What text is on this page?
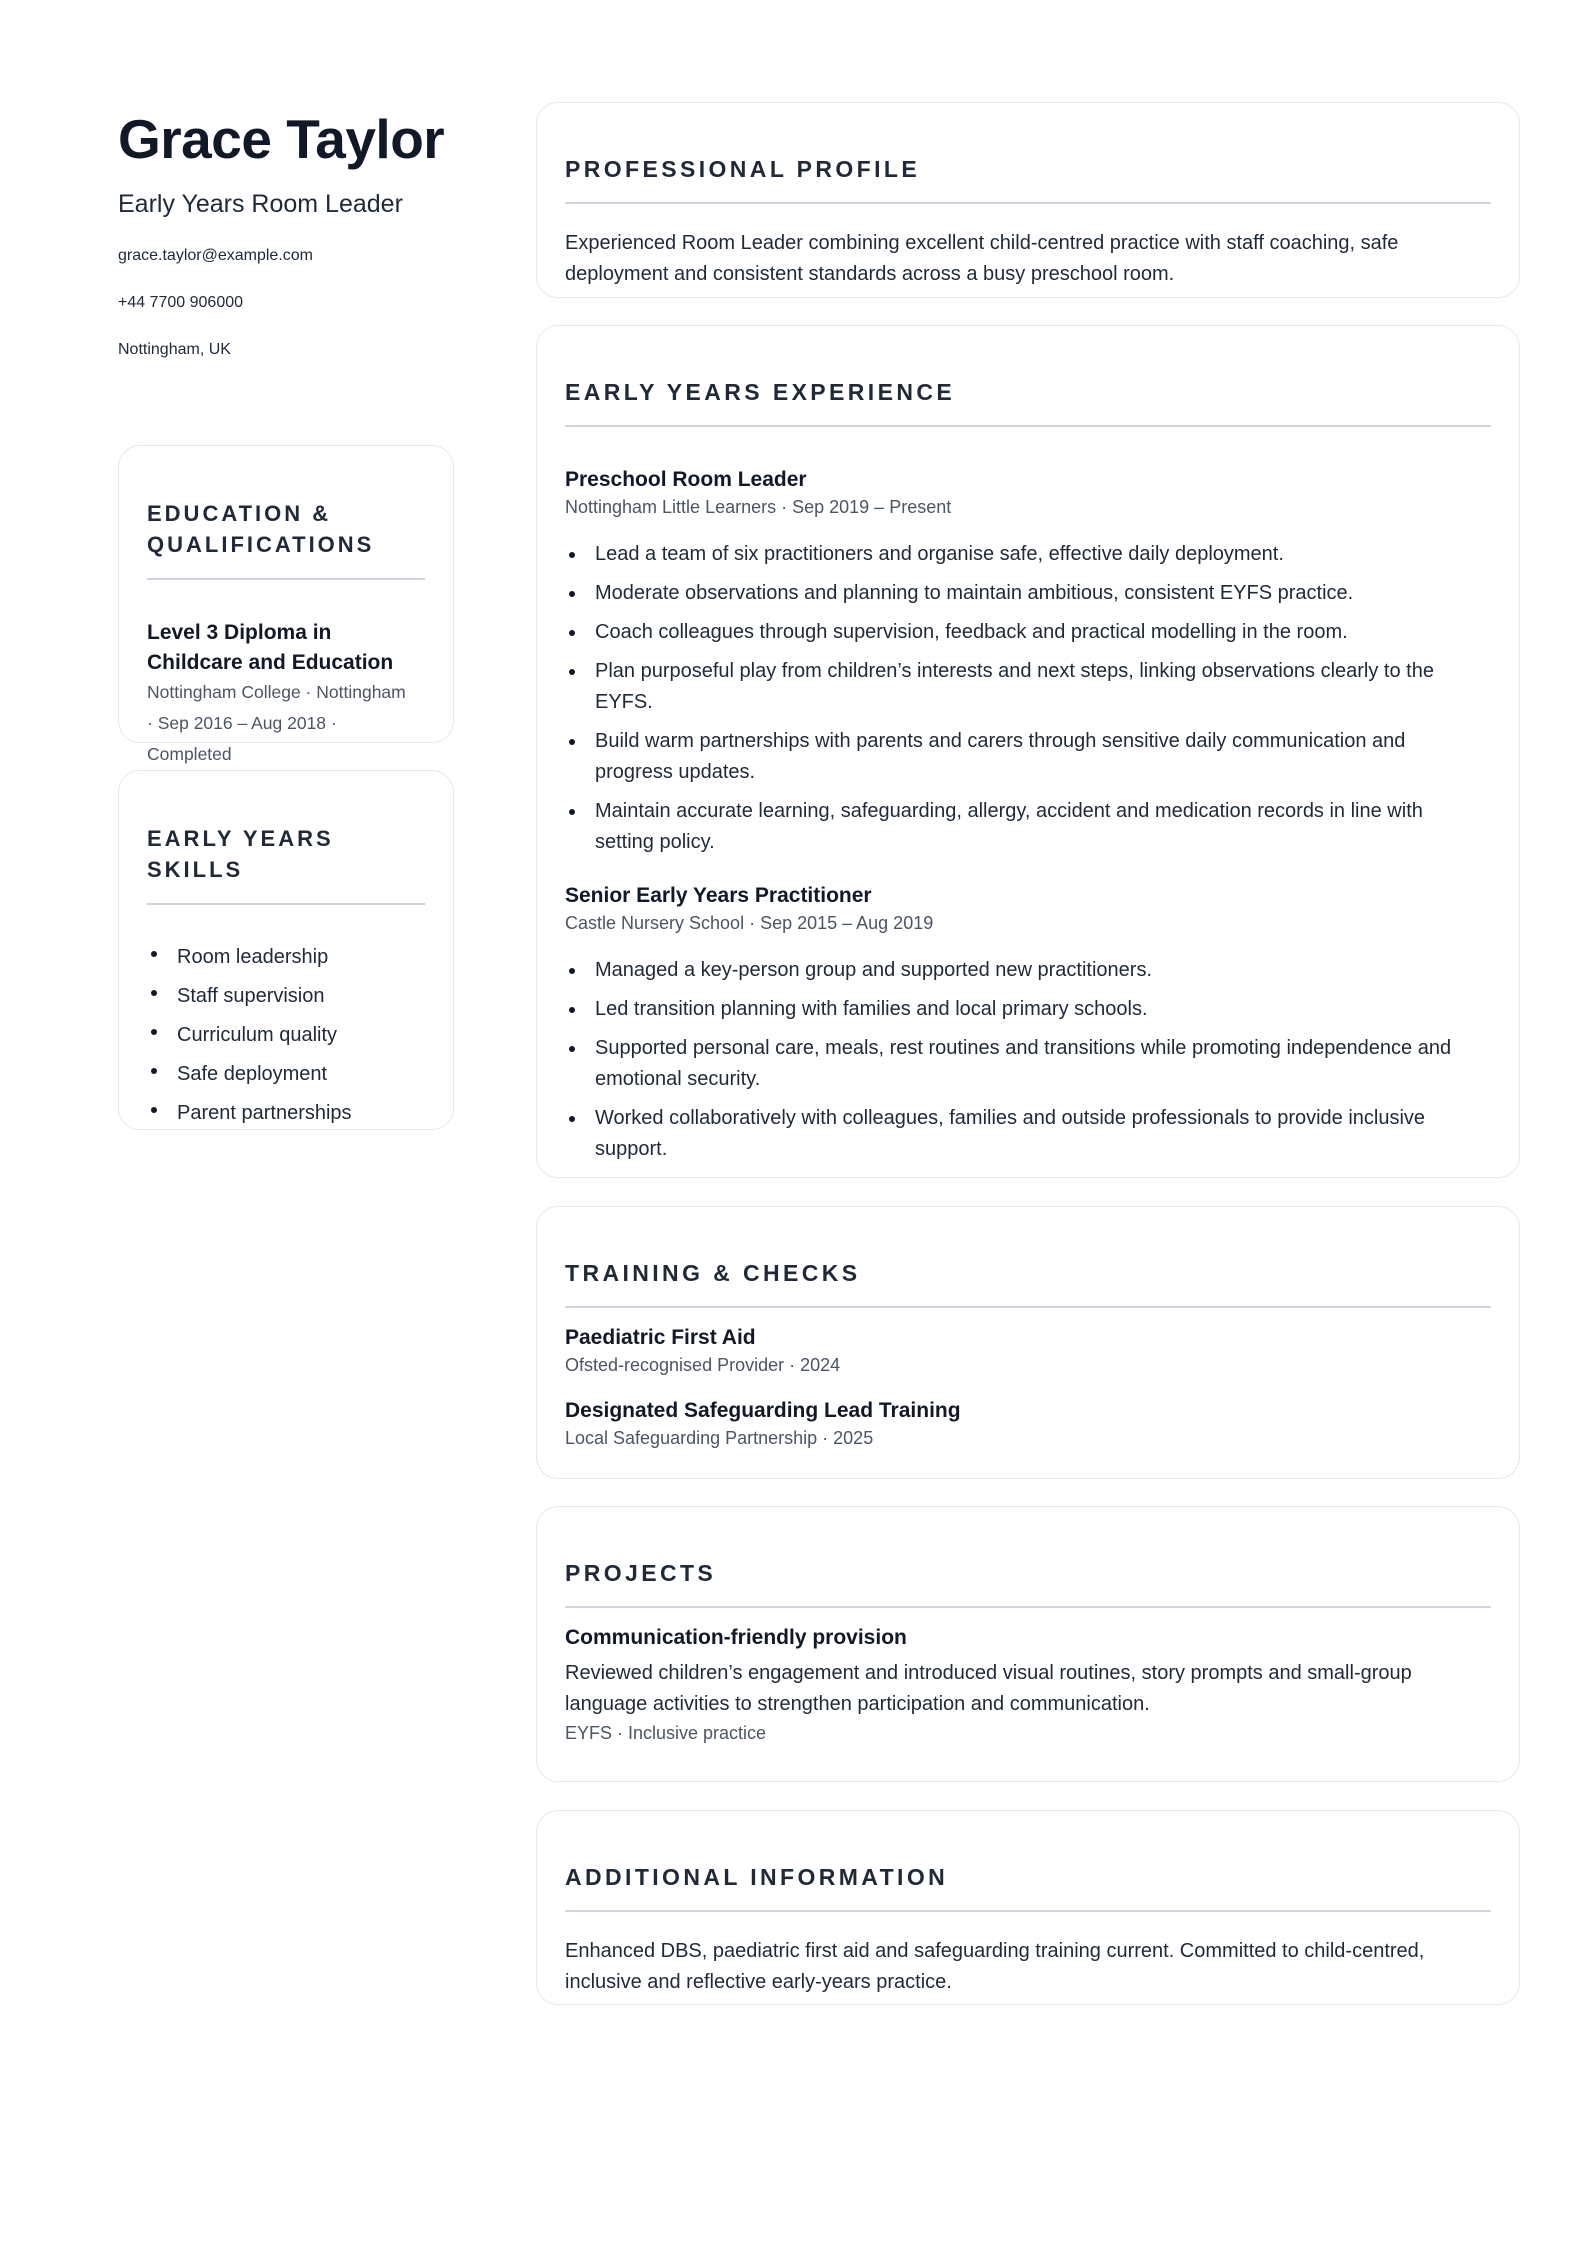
Grace Taylor
Early Years Room Leader
grace.taylor@example.com
+44 7700 906000
Nottingham, UK
EDUCATION &
QUALIFICATIONS
Level 3 Diploma in
Childcare and Education
Nottingham College · Nottingham
· Sep 2016 – Aug 2018 · Completed
EARLY YEARS
SKILLS
Room leadership
Staff supervision
Curriculum quality
Safe deployment
Parent partnerships
PROFESSIONAL PROFILE
Experienced Room Leader combining excellent child-centred practice with staff coaching, safe
deployment and consistent standards across a busy preschool room.
EARLY YEARS EXPERIENCE
Preschool Room Leader
Nottingham Little Learners · Sep 2019 – Present
Lead a team of six practitioners and organise safe, effective daily deployment.
Moderate observations and planning to maintain ambitious, consistent EYFS practice.
Coach colleagues through supervision, feedback and practical modelling in the room.
Plan purposeful play from children’s interests and next steps, linking observations clearly to the
EYFS.
Build warm partnerships with parents and carers through sensitive daily communication and
progress updates.
Maintain accurate learning, safeguarding, allergy, accident and medication records in line with
setting policy.
Senior Early Years Practitioner
Castle Nursery School · Sep 2015 – Aug 2019
Managed a key-person group and supported new practitioners.
Led transition planning with families and local primary schools.
Supported personal care, meals, rest routines and transitions while promoting independence and
emotional security.
Worked collaboratively with colleagues, families and outside professionals to provide inclusive
support.
TRAINING & CHECKS
Paediatric First Aid
Ofsted-recognised Provider · 2024
Designated Safeguarding Lead Training
Local Safeguarding Partnership · 2025
PROJECTS
Communication-friendly provision
Reviewed children’s engagement and introduced visual routines, story prompts and small-group
language activities to strengthen participation and communication.
EYFS · Inclusive practice
ADDITIONAL INFORMATION
Enhanced DBS, paediatric first aid and safeguarding training current. Committed to child-centred,
inclusive and reflective early-years practice.
